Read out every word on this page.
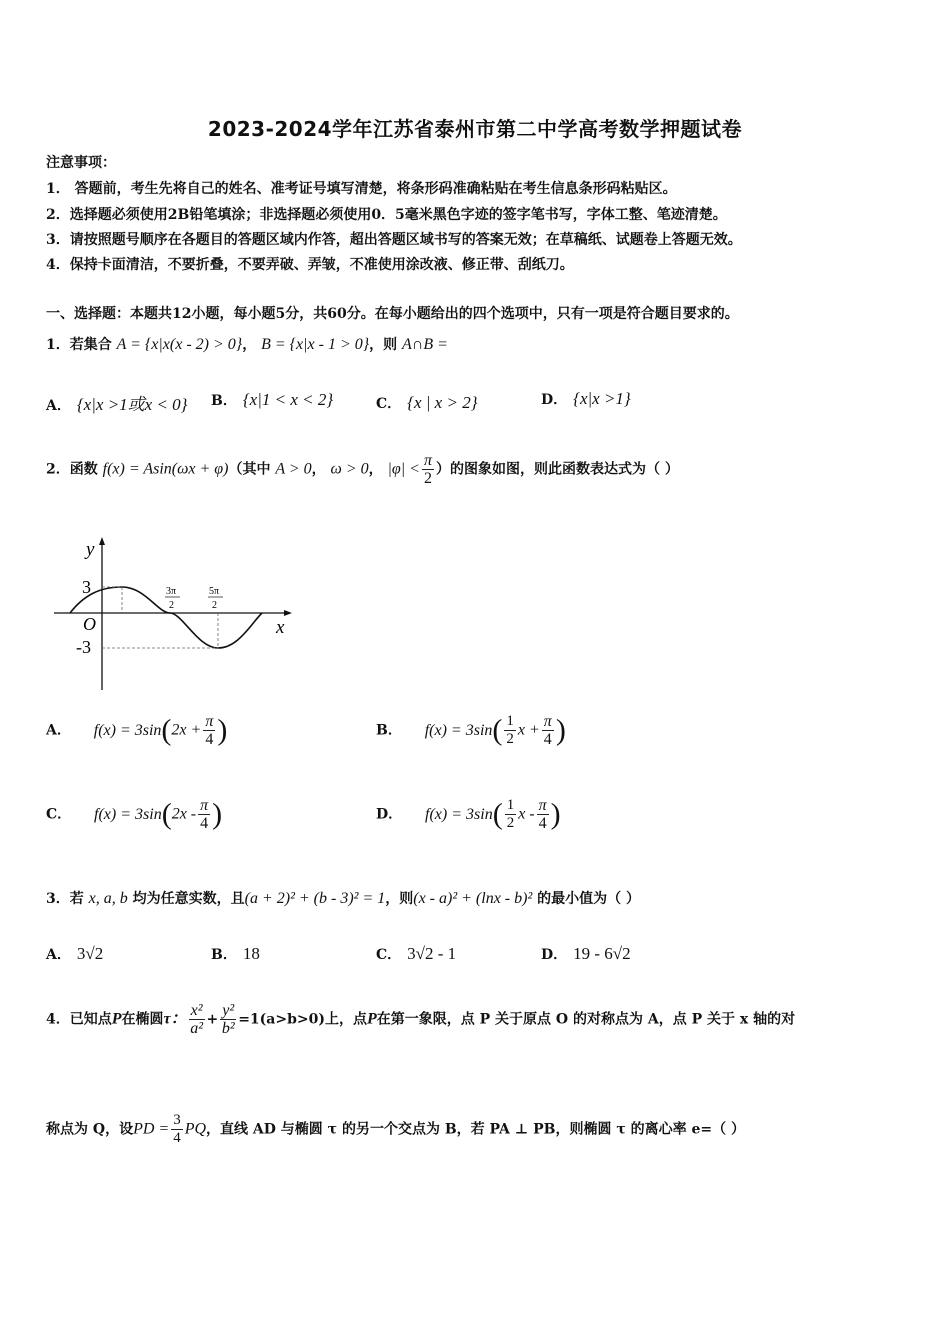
2023-2024学年江苏省泰州市第二中学高考数学押题试卷
注意事项：
1． 答题前，考生先将自己的姓名、准考证号填写清楚，将条形码准确粘贴在考生信息条形码粘贴区。
2．选择题必须使用2B铅笔填涂；非选择题必须使用0．5毫米黑色字迹的签字笔书写，字体工整、笔迹清楚。
3．请按照题号顺序在各题目的答题区域内作答，超出答题区域书写的答案无效；在草稿纸、试题卷上答题无效。
4．保持卡面清洁，不要折叠，不要弄破、弄皱，不准使用涂改液、修正带、刮纸刀。
一、选择题：本题共12小题，每小题5分，共60分。在每小题给出的四个选项中，只有一项是符合题目要求的。
1．若集合 A = {x|x(x - 2) > 0}， B = {x|x - 1 > 0}，则 A∩B =
A． {x|x >1或x < 0} B． {x|1 < x < 2}	C． {x | x > 2}	D． {x|x >1}
2．函数 f(x) = Asin(ωx + φ)（其中 A > 0， ω > 0， $|\varphi| < \frac{\pi}{2}$ ）的图象如图，则此函数表达式为（ ）
y
x
O
3
-3
3π
2
5π
2
A． $f(x) = 3\sin(2x + \frac{\pi}{4}$ )	B． $f(x) = 3\sin( \frac{1}{2}$ $x + \frac{\pi}{4}$ )
C． $f(x) = 3\sin(2x - \frac{\pi}{4}$ )	D． $f(x) = 3\sin( \frac{1}{2}$ x - $\frac{\pi}{4}$ )
3．若 x, a, b 均为任意实数，且(a + 2)² + (b - 3)² = 1，则(x - a)² + (lnx - b)² 的最小值为（ ）
A． 3√2	B． 18	C． 3√2 - 1	D． 19 - 6√2
4．已知点P在椭圆τ： $\frac{\text{x²}}{\text{a²}} + \frac{\text{y²}}{\text{b²}} =1(a>b>0)$上，点P在第一象限，点 P 关于原点 O 的对称点为 A，点 P 关于 x 轴的对
称点为 Q，设PD = $\frac{3}{4}$ PQ，直线 AD 与椭圆 τ 的另一个交点为 B，若 PA ⊥ PB，则椭圆 τ 的离心率 e=（ ）
